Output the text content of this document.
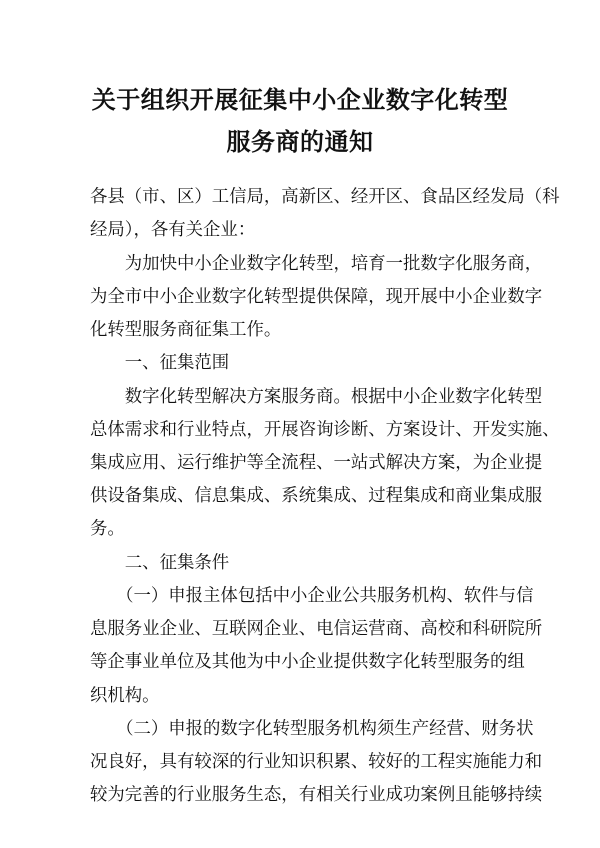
关于组织开展征集中小企业数字化转型
服务商的通知

各县（市、区）工信局，高新区、经开区、食品区经发局（科

经局），各有关企业：

　　为加快中小企业数字化转型，培育一批数字化服务商，

为全市中小企业数字化转型提供保障，现开展中小企业数字

化转型服务商征集工作。

　　一、征集范围

　　数字化转型解决方案服务商。根据中小企业数字化转型

总体需求和行业特点，开展咨询诊断、方案设计、开发实施、

集成应用、运行维护等全流程、一站式解决方案，为企业提

供设备集成、信息集成、系统集成、过程集成和商业集成服

务。

　　二、征集条件

　　（一）申报主体包括中小企业公共服务机构、软件与信

息服务业企业、互联网企业、电信运营商、高校和科研院所

等企事业单位及其他为中小企业提供数字化转型服务的组

织机构。

　　（二）申报的数字化转型服务机构须生产经营、财务状

况良好，具有较深的行业知识积累、较好的工程实施能力和

较为完善的行业服务生态，有相关行业成功案例且能够持续
